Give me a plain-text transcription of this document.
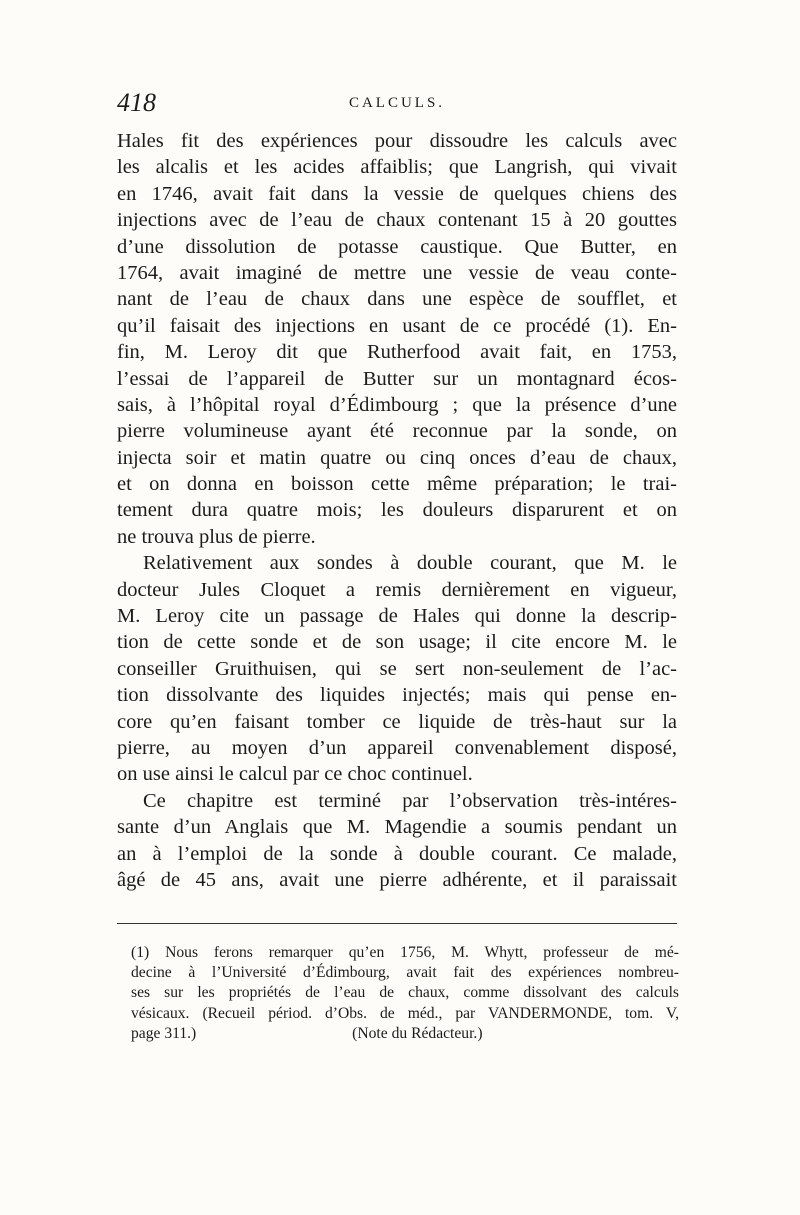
418	CALCULS.
Hales fit des expériences pour dissoudre les calculs avec
les alcalis et les acides affaiblis; que Langrish, qui vivait
en 1746, avait fait dans la vessie de quelques chiens des
injections avec de l’eau de chaux contenant 15 à 20 gouttes
d’une dissolution de potasse caustique. Que Butter, en
1764, avait imaginé de mettre une vessie de veau conte-
nant de l’eau de chaux dans une espèce de soufflet, et
qu’il faisait des injections en usant de ce procédé (1). En-
fin, M. Leroy dit que Rutherfood avait fait, en 1753,
l’essai de l’appareil de Butter sur un montagnard écos-
sais, à l’hôpital royal d’Édimbourg ; que la présence d’une
pierre volumineuse ayant été reconnue par la sonde, on
injecta soir et matin quatre ou cinq onces d’eau de chaux,
et on donna en boisson cette même préparation; le trai-
tement dura quatre mois; les douleurs disparurent et on
ne trouva plus de pierre.
Relativement aux sondes à double courant, que M. le
docteur Jules Cloquet a remis dernièrement en vigueur,
M. Leroy cite un passage de Hales qui donne la descrip-
tion de cette sonde et de son usage; il cite encore M. le
conseiller Gruithuisen, qui se sert non-seulement de l’ac-
tion dissolvante des liquides injectés; mais qui pense en-
core qu’en faisant tomber ce liquide de très-haut sur la
pierre, au moyen d’un appareil convenablement disposé,
on use ainsi le calcul par ce choc continuel.
Ce chapitre est terminé par l’observation très-intéres-
sante d’un Anglais que M. Magendie a soumis pendant un
an à l’emploi de la sonde à double courant. Ce malade,
âgé de 45 ans, avait une pierre adhérente, et il paraissait
(1) Nous ferons remarquer qu’en 1756, M. Whytt, professeur de mé-
decine à l’Université d’Édimbourg, avait fait des expériences nombreu-
ses sur les propriétés de l’eau de chaux, comme dissolvant des calculs
vésicaux. (Recueil périod. d’Obs. de méd., par VANDERMONDE, tom. V,
page 311.)                                        (Note du Rédacteur.)
